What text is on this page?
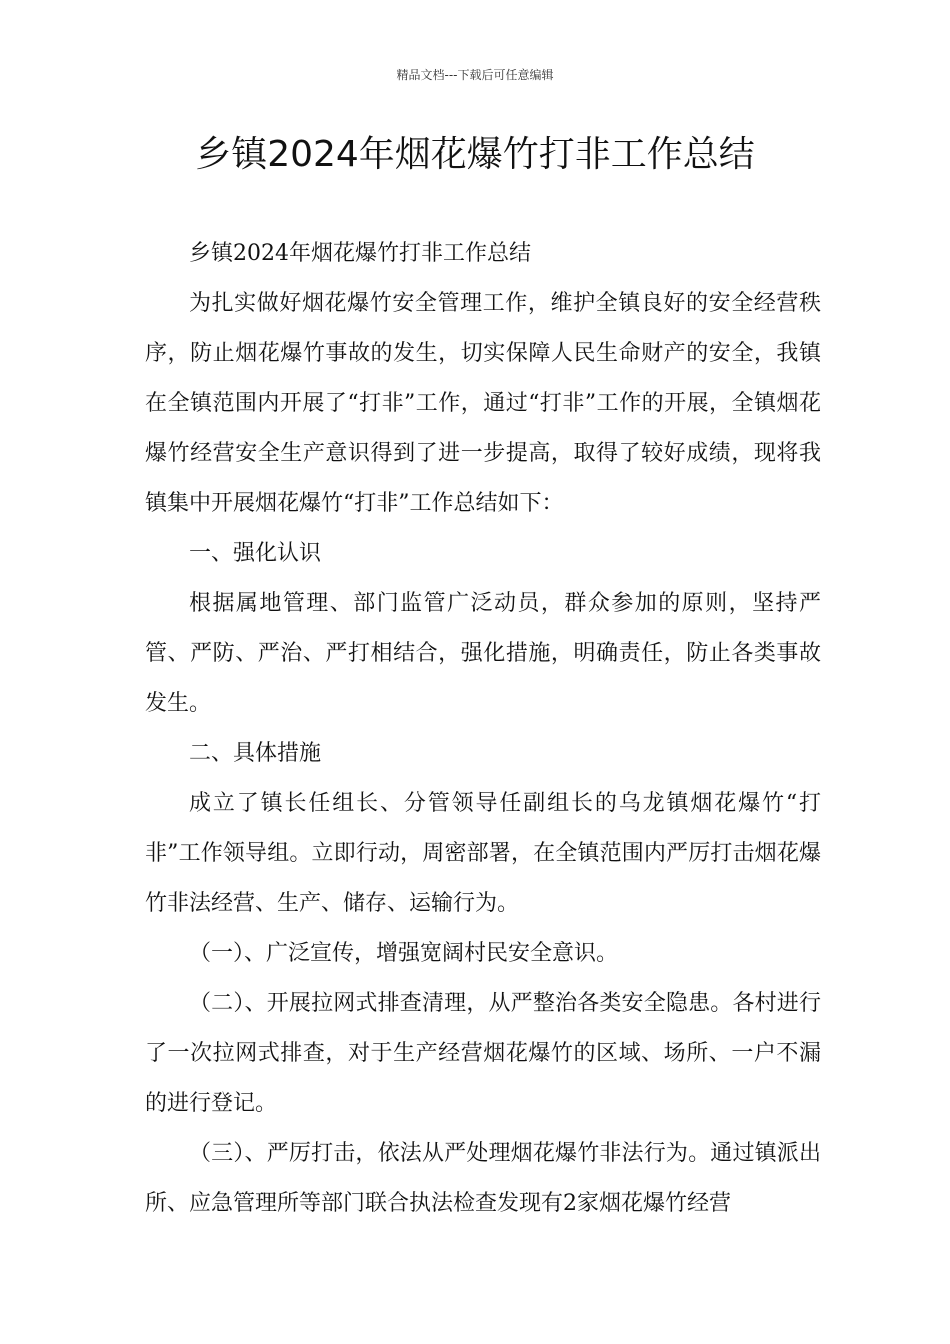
精品文档---下载后可任意编辑
乡镇2024年烟花爆竹打非工作总结

乡镇2024年烟花爆竹打非工作总结

为扎实做好烟花爆竹安全管理工作，维护全镇良好的安全经营秩序，防止烟花爆竹事故的发生，切实保障人民生命财产的安全，我镇在全镇范围内开展了“打非”工作，通过“打非”工作的开展，全镇烟花爆竹经营安全生产意识得到了进一步提高，取得了较好成绩，现将我镇集中开展烟花爆竹“打非”工作总结如下：

一、强化认识

根据属地管理、部门监管广泛动员，群众参加的原则，坚持严管、严防、严治、严打相结合，强化措施，明确责任，防止各类事故发生。

二、具体措施

成立了镇长任组长、分管领导任副组长的乌龙镇烟花爆竹“打非”工作领导组。立即行动，周密部署，在全镇范围内严厉打击烟花爆竹非法经营、生产、储存、运输行为。

（一）、广泛宣传，增强宽阔村民安全意识。

（二）、开展拉网式排查清理，从严整治各类安全隐患。各村进行了一次拉网式排查，对于生产经营烟花爆竹的区域、场所、一户不漏的进行登记。

（三）、严厉打击，依法从严处理烟花爆竹非法行为。通过镇派出所、应急管理所等部门联合执法检查发现有2家烟花爆竹经营
